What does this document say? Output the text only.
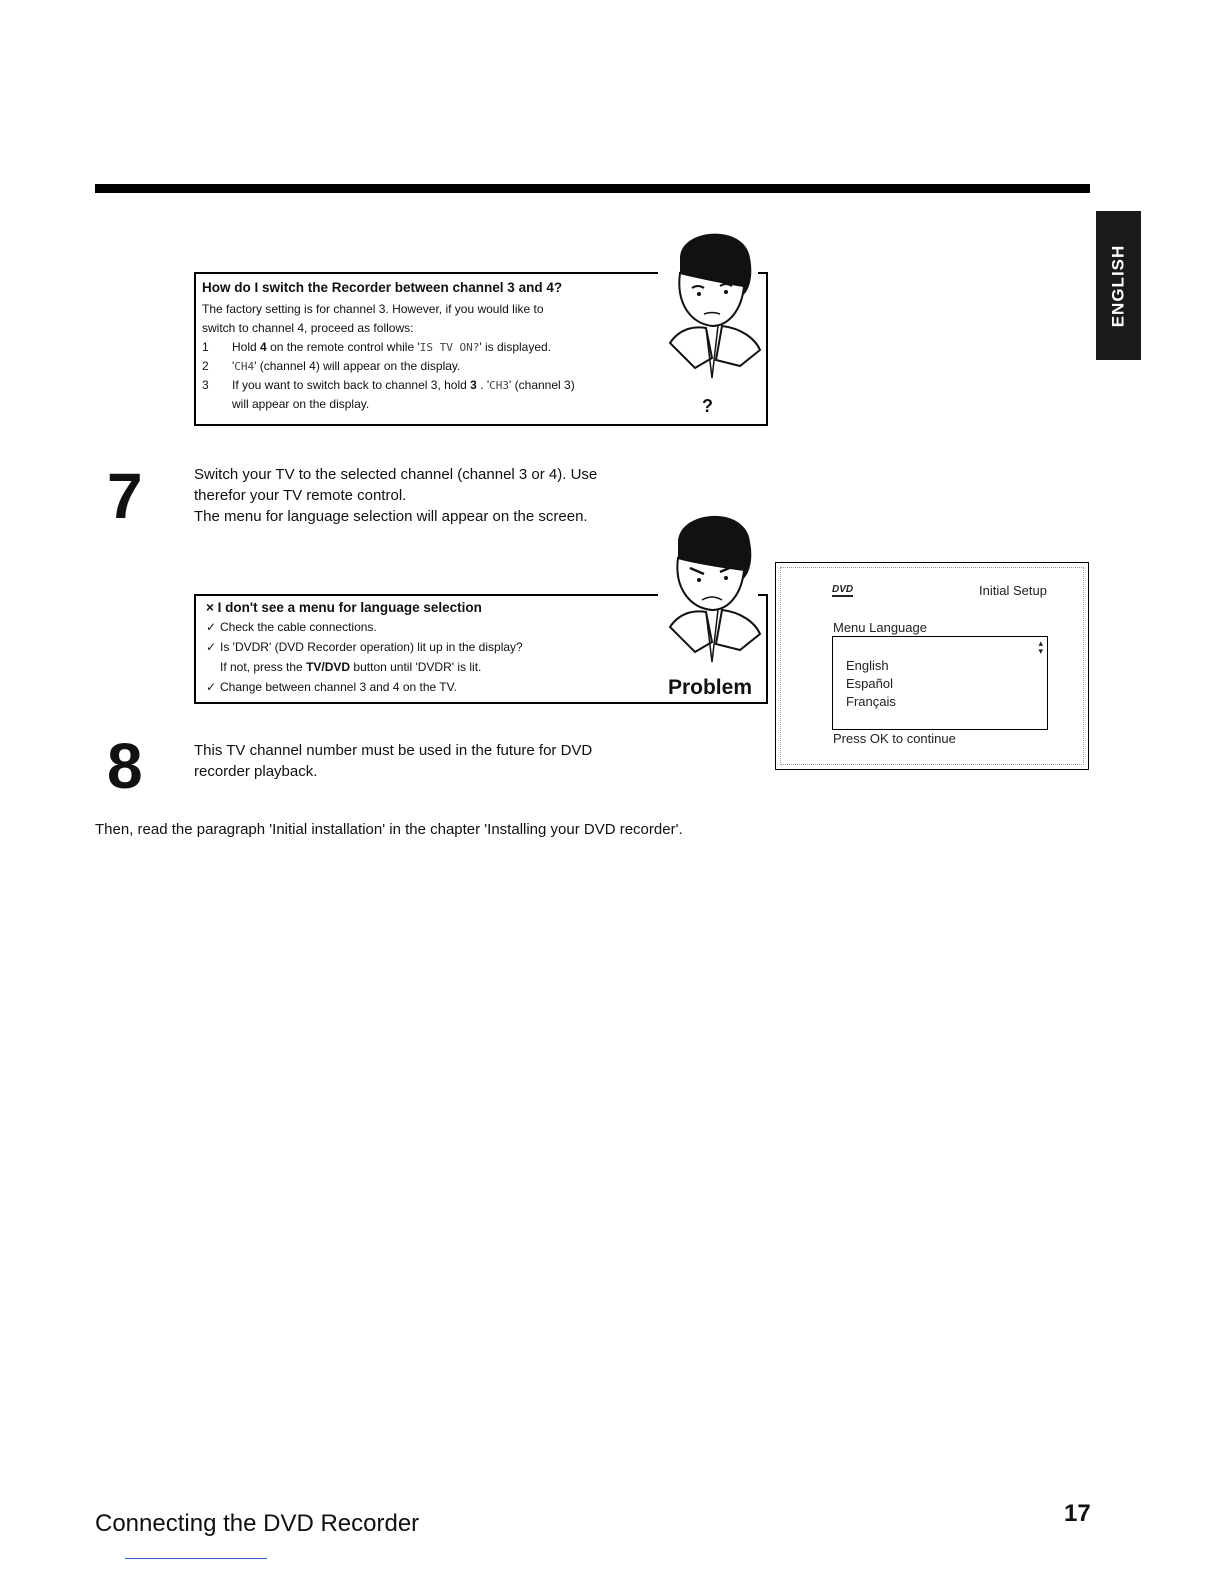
ENGLISH

How do I switch the Recorder between channel 3 and 4?

The factory setting is for channel 3. However, if you would like to
switch to channel 4, proceed as follows:
1	Hold 4 on the remote control while 'IS TV ON?' is displayed.
2	'CH4' (channel 4) will appear on the display.
3	If you want to switch back to channel 3, hold 3 . 'CH3' (channel 3)
will appear on the display.	?
7	Switch your TV to the selected channel (channel 3 or 4). Use
therefor your TV remote control.
The menu for language selection will appear on the screen.

× I don't see a menu for language selection

✓ Check the cable connections.
✓ Is 'DVDR' (DVD Recorder operation) lit up in the display?
If not, press the TV/DVD button until 'DVDR' is lit.
✓ Change between channel 3 and 4 on the TV.	Problem
DVD	Initial Setup
Menu Language
▴
▾
English
Español
Français
Press OK to continue
8	This TV channel number must be used in the future for DVD
recorder playback.
Then, read the paragraph 'Initial installation' in the chapter 'Installing your DVD recorder'.
Connecting the DVD Recorder	17
